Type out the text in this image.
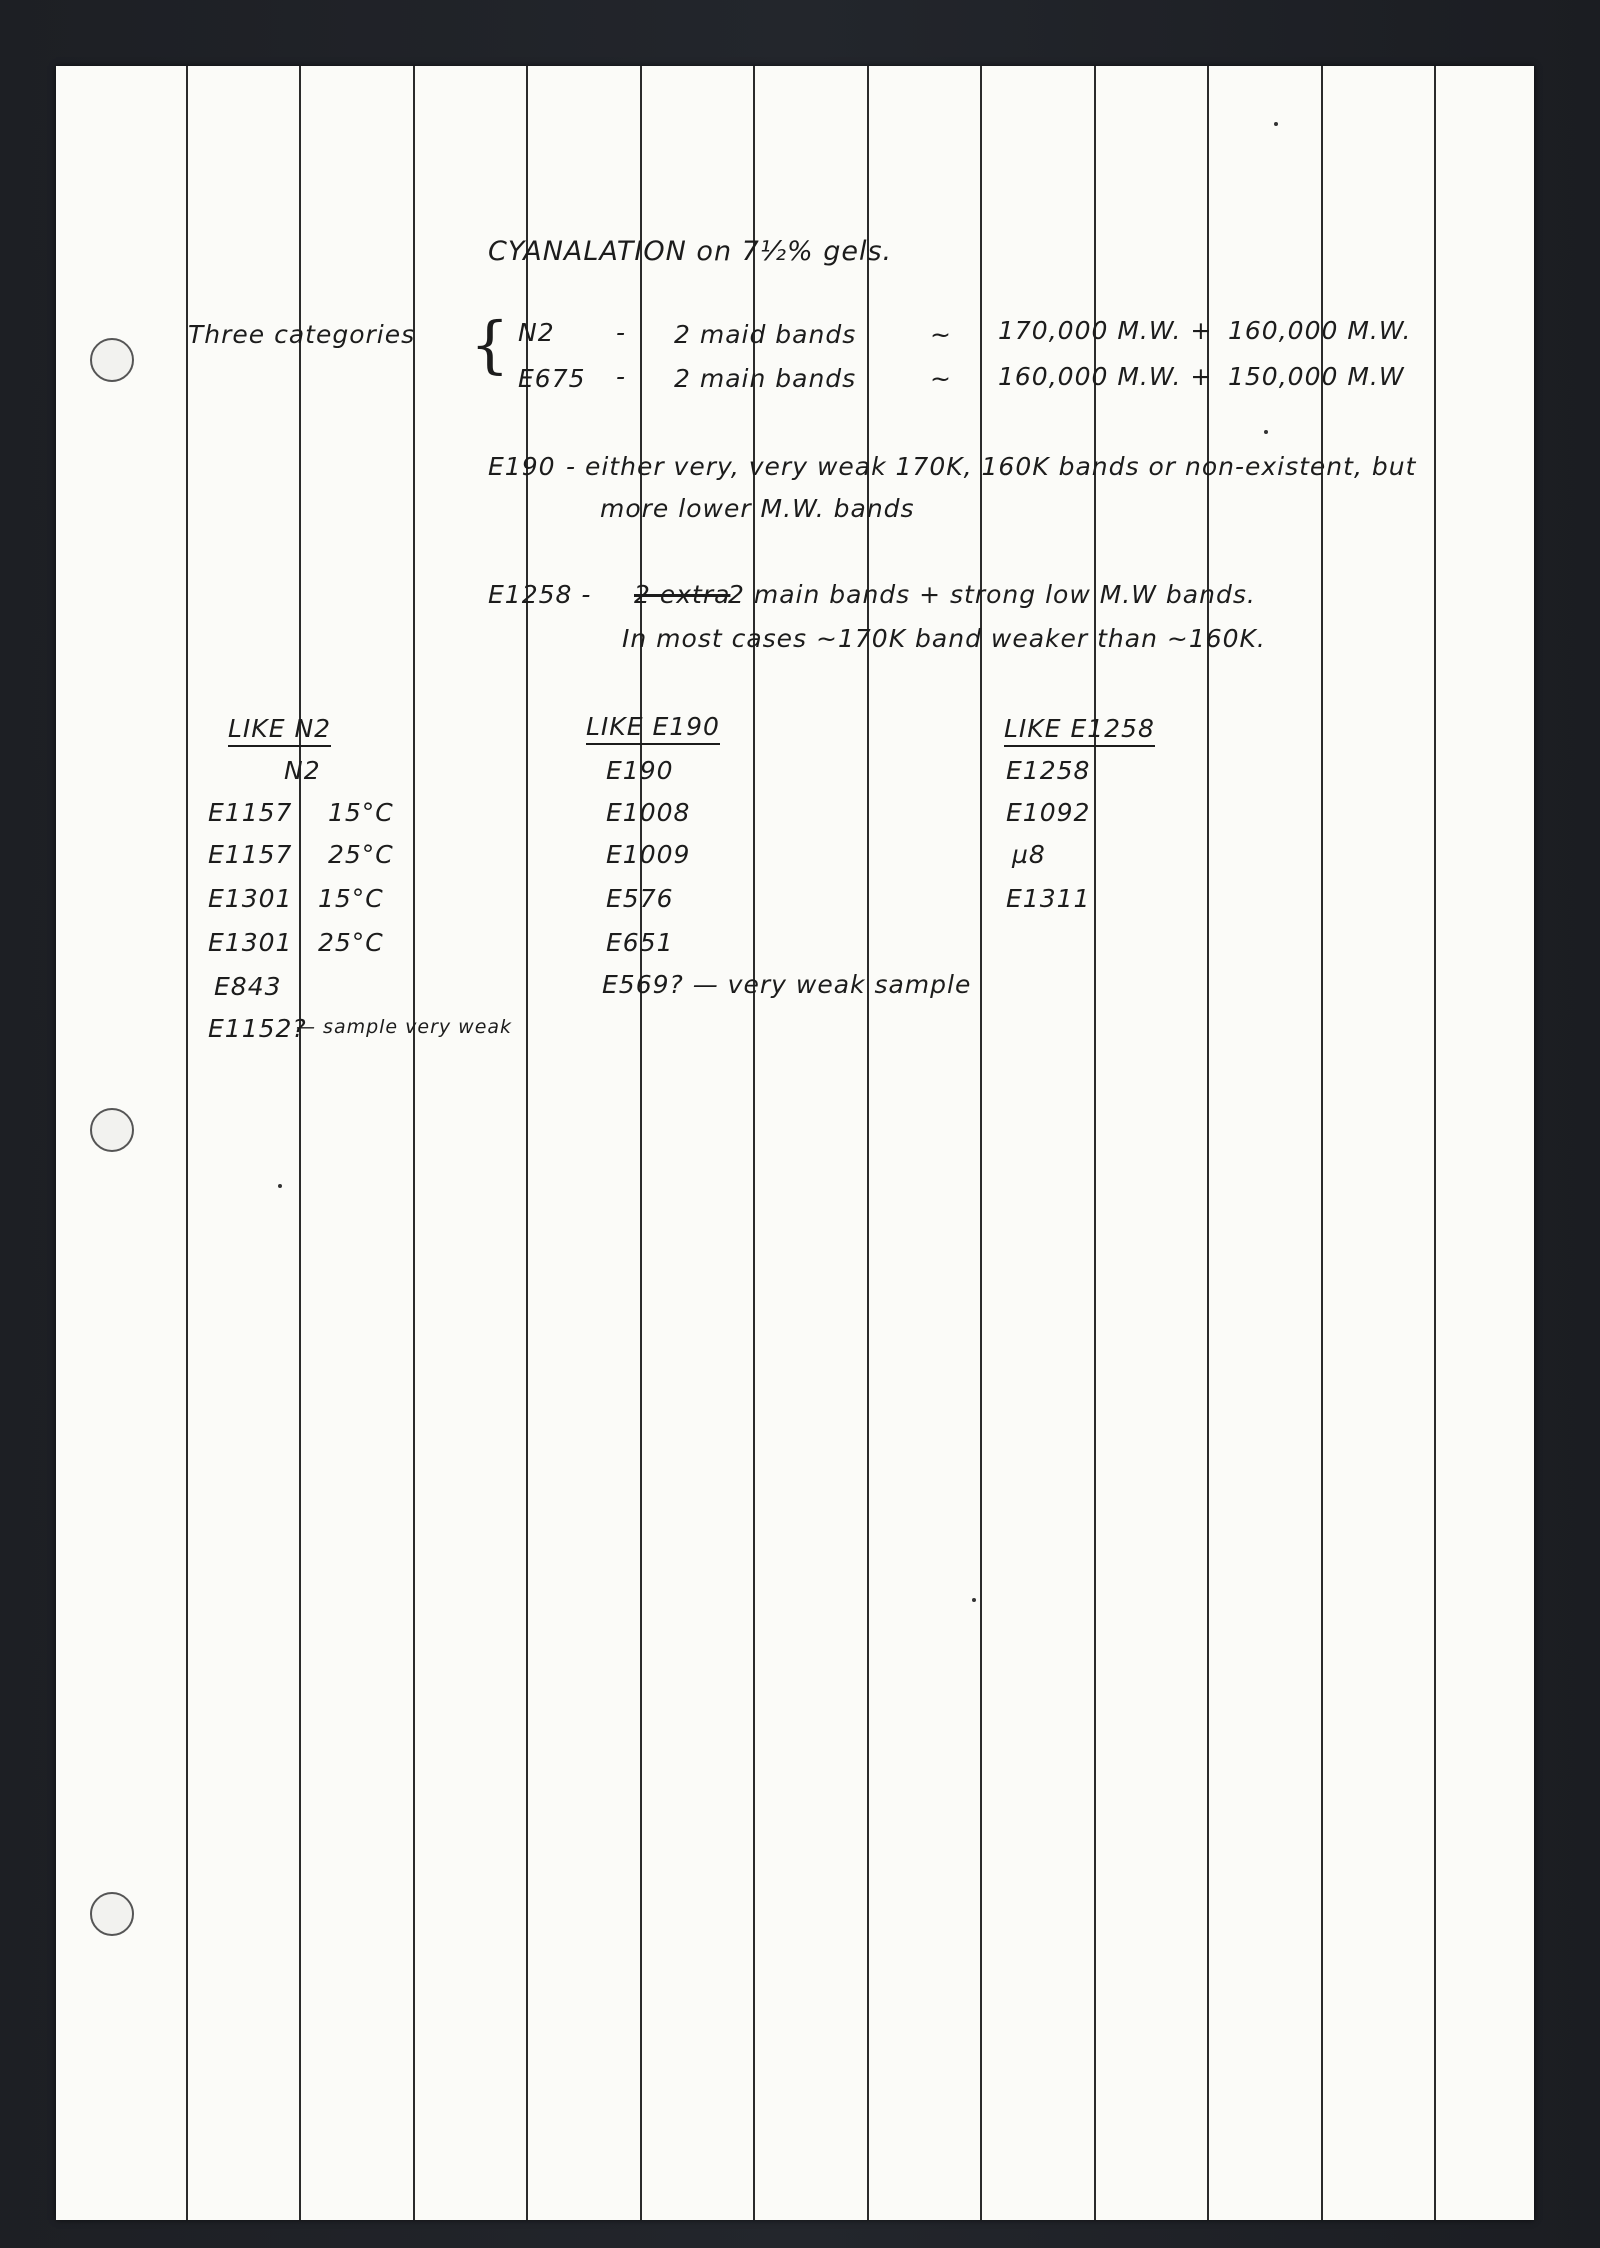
CYANALATION on 7½% gels.
Three categories { N2 - 2 maid bands	~ 170,000 M.W. + 160,000 M.W.
E675 - 2 main bands	~ 160,000 M.W. + 150,000 M.W
E190 - either very, very weak 170K, 160K bands or non-existent, but
more lower M.W. bands
E1258 - 2 extra
2 main bands + strong low M.W bands.
In most cases ~170K band weaker than ~160K.
LIKE N2
N2
E1157 15°C
E1157 25°C
E1301 15°C
E1301 25°C
E843
E1152?
— sample very weak
LIKE E190
E190
E1008
E1009
E576
E651
E569? — very weak sample
LIKE E1258
E1258
E1092
µ8
E1311
